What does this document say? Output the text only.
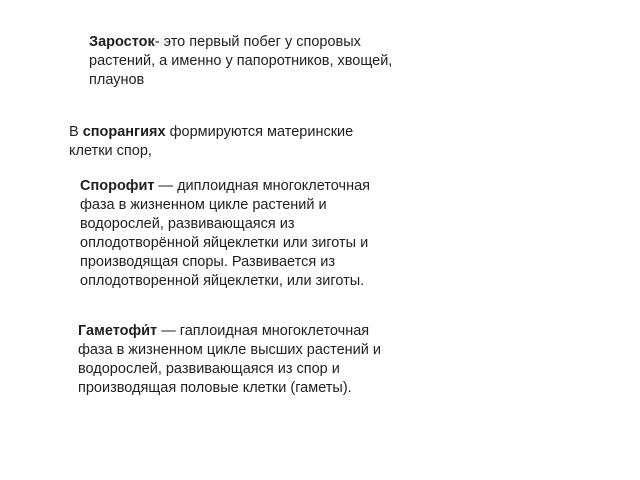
Заросток- это первый побег у споровых растений, а именно у папоротников, хвощей, плаунов

В спорангиях формируются материнские клетки спор,

Спорофит — диплоидная многоклеточная фаза в жизненном цикле растений и водорослей, развивающаяся из оплодотворённой яйцеклетки или зиготы и производящая споры. Развивается из оплодотворенной яйцеклетки, или зиготы.

Гаметофи́т — гаплоидная многоклеточная фаза в жизненном цикле высших растений и водорослей, развивающаяся из спор и производящая половые клетки (гаметы).
